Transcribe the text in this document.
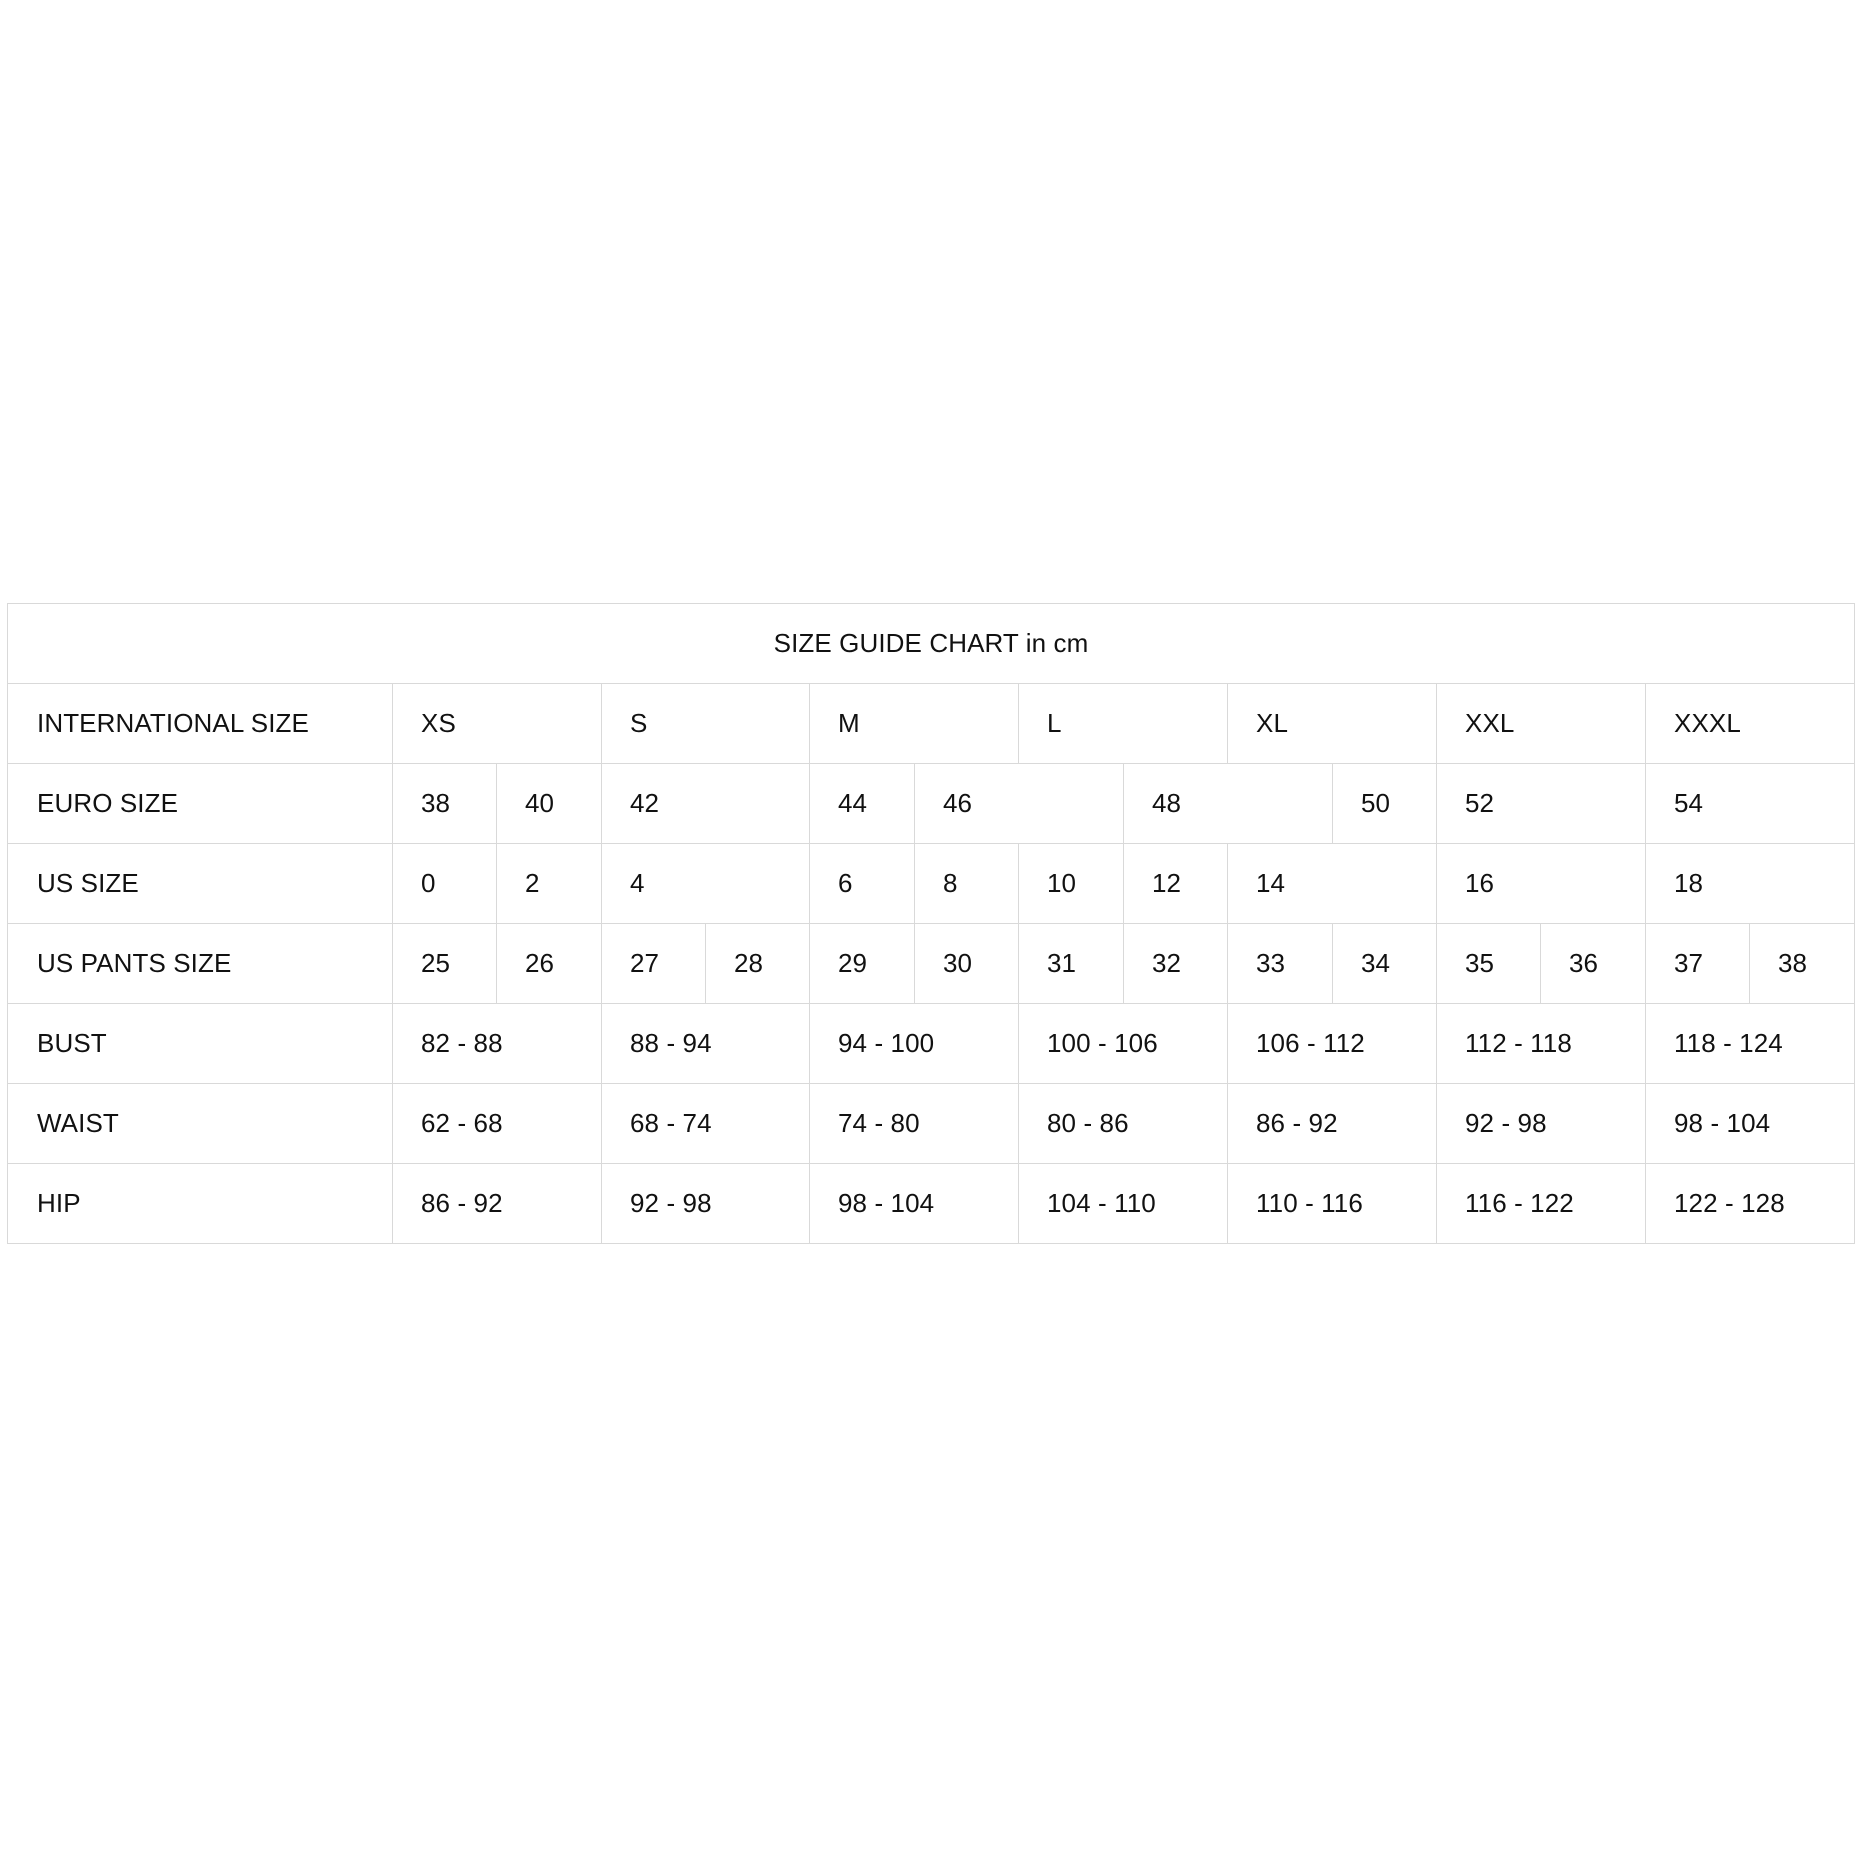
SIZE GUIDE CHART in cm														
INTERNATIONAL SIZE	XS		S		M		L		XL		XXL		XXXL	
EURO SIZE	38	40	42		44	46		48		50	52		54	
US SIZE	0	2	4		6	8	10	12	14		16		18	
US PANTS SIZE	25	26	27	28	29	30	31	32	33	34	35	36	37	38
BUST	82 - 88		88 - 94		94 - 100		100 - 106		106 - 112		112 - 118		118 - 124	
WAIST	62 - 68		68 - 74		74 - 80		80 - 86		86 - 92		92 - 98		98 - 104	
HIP	86 - 92		92 - 98		98 - 104		104 - 110		110 - 116		116 - 122		122 - 128	
